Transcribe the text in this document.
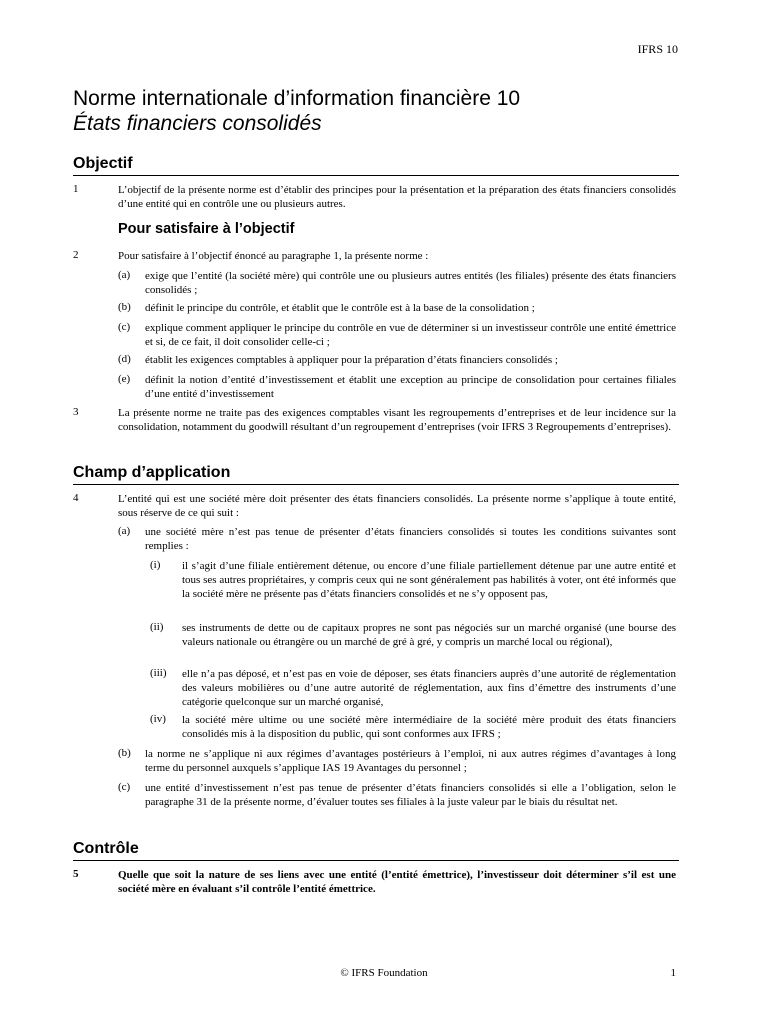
IFRS 10
Norme internationale d’information financière 10
États financiers consolidés
Objectif
1	L’objectif de la présente norme est d’établir des principes pour la présentation et la préparation des états financiers consolidés d’une entité qui en contrôle une ou plusieurs autres.
Pour satisfaire à l’objectif
2	Pour satisfaire à l’objectif énoncé au paragraphe 1, la présente norme :
(a) exige que l’entité (la société mère) qui contrôle une ou plusieurs autres entités (les filiales) présente des états financiers consolidés ;
(b) définit le principe du contrôle, et établit que le contrôle est à la base de la consolidation ;
(c) explique comment appliquer le principe du contrôle en vue de déterminer si un investisseur contrôle une entité émettrice et si, de ce fait, il doit consolider celle-ci ;
(d) établit les exigences comptables à appliquer pour la préparation d’états financiers consolidés ;
(e) définit la notion d’entité d’investissement et établit une exception au principe de consolidation pour certaines filiales d’une entité d’investissement
3	La présente norme ne traite pas des exigences comptables visant les regroupements d’entreprises et de leur incidence sur la consolidation, notamment du goodwill résultant d’un regroupement d’entreprises (voir IFRS 3 Regroupements d’entreprises).
Champ d’application
4	L’entité qui est une société mère doit présenter des états financiers consolidés. La présente norme s’applique à toute entité, sous réserve de ce qui suit :
(a) une société mère n’est pas tenue de présenter d’états financiers consolidés si toutes les conditions suivantes sont remplies :
(i) il s’agit d’une filiale entièrement détenue, ou encore d’une filiale partiellement détenue par une autre entité et tous ses autres propriétaires, y compris ceux qui ne sont généralement pas habilités à voter, ont été informés que la société mère ne présente pas d’états financiers consolidés et ne s’y opposent pas,
(ii) ses instruments de dette ou de capitaux propres ne sont pas négociés sur un marché organisé (une bourse des valeurs nationale ou étrangère ou un marché de gré à gré, y compris un marché local ou régional),
(iii) elle n’a pas déposé, et n’est pas en voie de déposer, ses états financiers auprès d’une autorité de réglementation des valeurs mobilières ou d’une autre autorité de réglementation, aux fins d’émettre des instruments d’une catégorie quelconque sur un marché organisé,
(iv) la société mère ultime ou une société mère intermédiaire de la société mère produit des états financiers consolidés mis à la disposition du public, qui sont conformes aux IFRS ;
(b) la norme ne s’applique ni aux régimes d’avantages postérieurs à l’emploi, ni aux autres régimes d’avantages à long terme du personnel auxquels s’applique IAS 19 Avantages du personnel ;
(c) une entité d’investissement n’est pas tenue de présenter d’états financiers consolidés si elle a l’obligation, selon le paragraphe 31 de la présente norme, d’évaluer toutes ses filiales à la juste valeur par le biais du résultat net.
Contrôle
5	Quelle que soit la nature de ses liens avec une entité (l’entité émettrice), l’investisseur doit déterminer s’il est une société mère en évaluant s’il contrôle l’entité émettrice.
© IFRS Foundation	1
